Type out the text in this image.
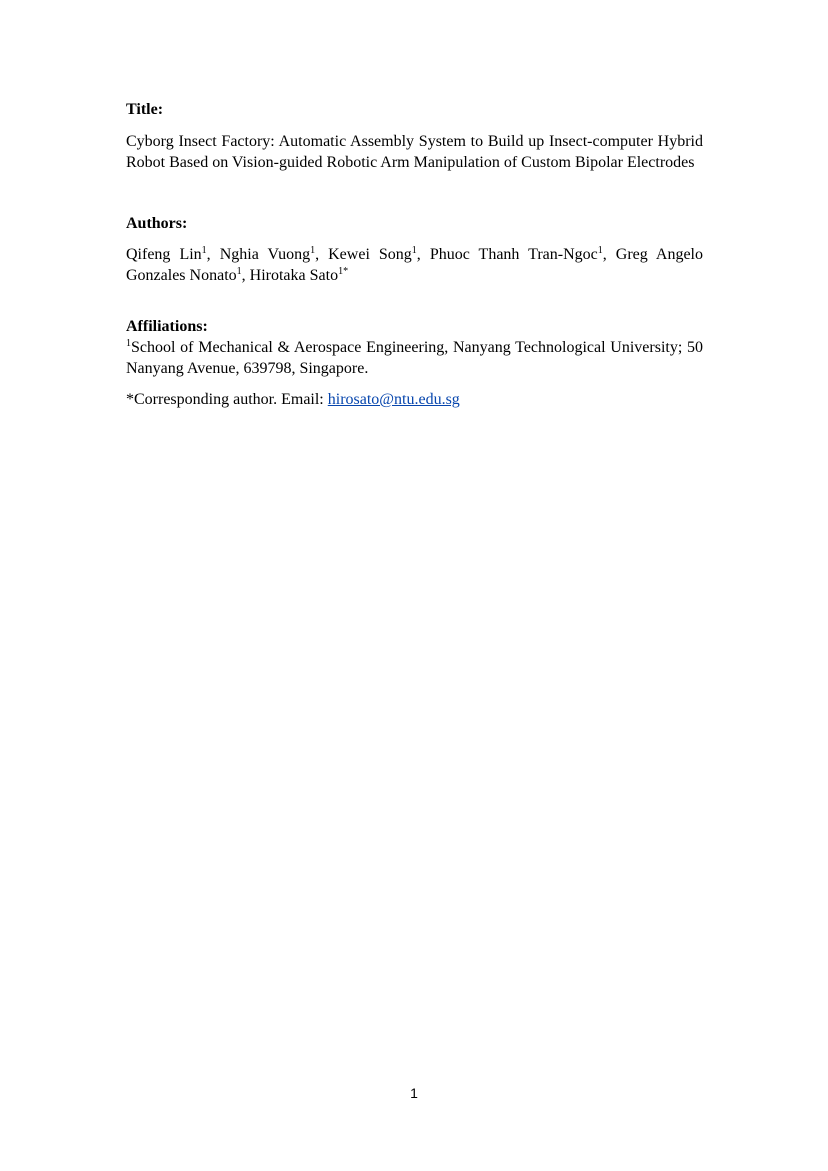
Title:

Cyborg Insect Factory: Automatic Assembly System to Build up Insect-computer Hybrid Robot Based on Vision-guided Robotic Arm Manipulation of Custom Bipolar Electrodes

Authors:

Qifeng Lin$^1$, Nghia Vuong$^1$, Kewei Song$^1$, Phuoc Thanh Tran-Ngoc$^1$, Greg Angelo Gonzales Nonato$^1$, Hirotaka Sato$^{1*}$

Affiliations:

$^1$School of Mechanical & Aerospace Engineering, Nanyang Technological University; 50 Nanyang Avenue, 639798, Singapore.

*Corresponding author. Email: hirosato@ntu.edu.sg

1
